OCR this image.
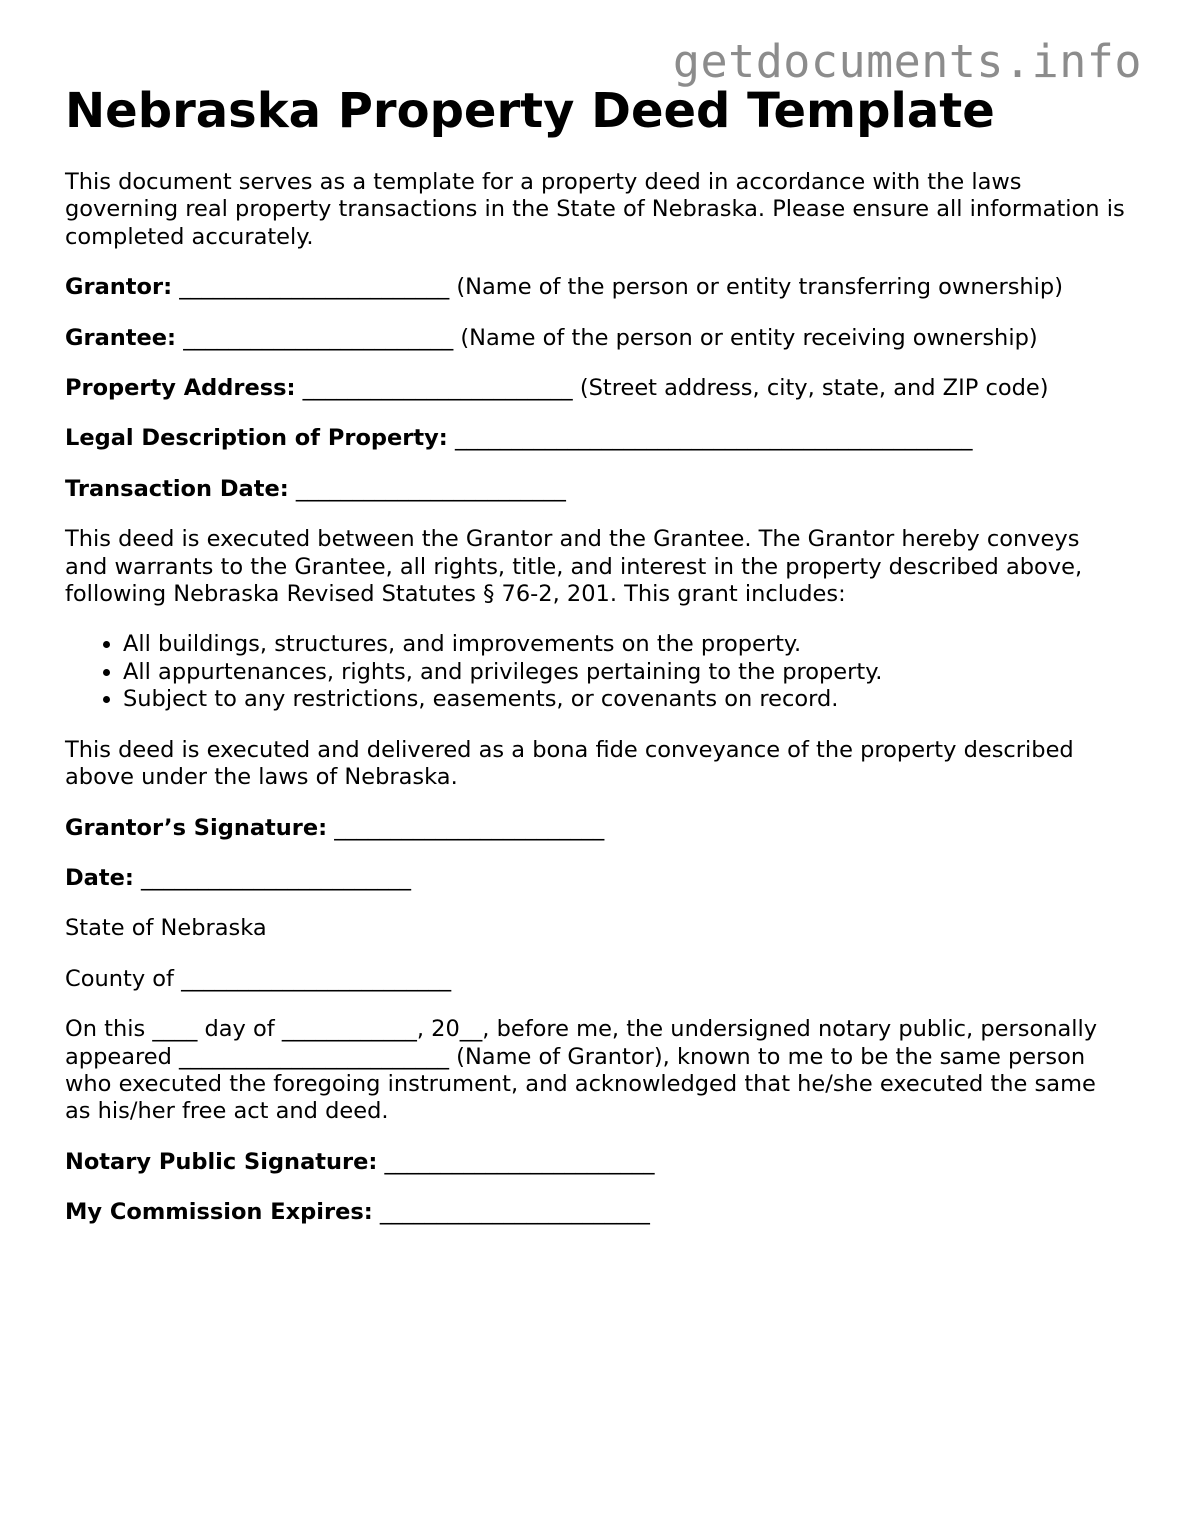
getdocuments.info
Nebraska Property Deed Template

This document serves as a template for a property deed in accordance with the laws governing real property transactions in the State of Nebraska. Please ensure all information is completed accurately.

Grantor: ________________________ (Name of the person or entity transferring ownership)

Grantee: ________________________ (Name of the person or entity receiving ownership)

Property Address: ________________________ (Street address, city, state, and ZIP code)

Legal Description of Property: ______________________________________________

Transaction Date: ________________________

This deed is executed between the Grantor and the Grantee. The Grantor hereby conveys and warrants to the Grantee, all rights, title, and interest in the property described above, following Nebraska Revised Statutes § 76-2, 201. This grant includes:

• All buildings, structures, and improvements on the property.
• All appurtenances, rights, and privileges pertaining to the property.
• Subject to any restrictions, easements, or covenants on record.

This deed is executed and delivered as a bona fide conveyance of the property described above under the laws of Nebraska.

Grantor’s Signature: ________________________

Date: ________________________

State of Nebraska

County of ________________________

On this ____ day of ____________, 20__, before me, the undersigned notary public, personally appeared ________________________ (Name of Grantor), known to me to be the same person who executed the foregoing instrument, and acknowledged that he/she executed the same as his/her free act and deed.

Notary Public Signature: ________________________

My Commission Expires: ________________________
